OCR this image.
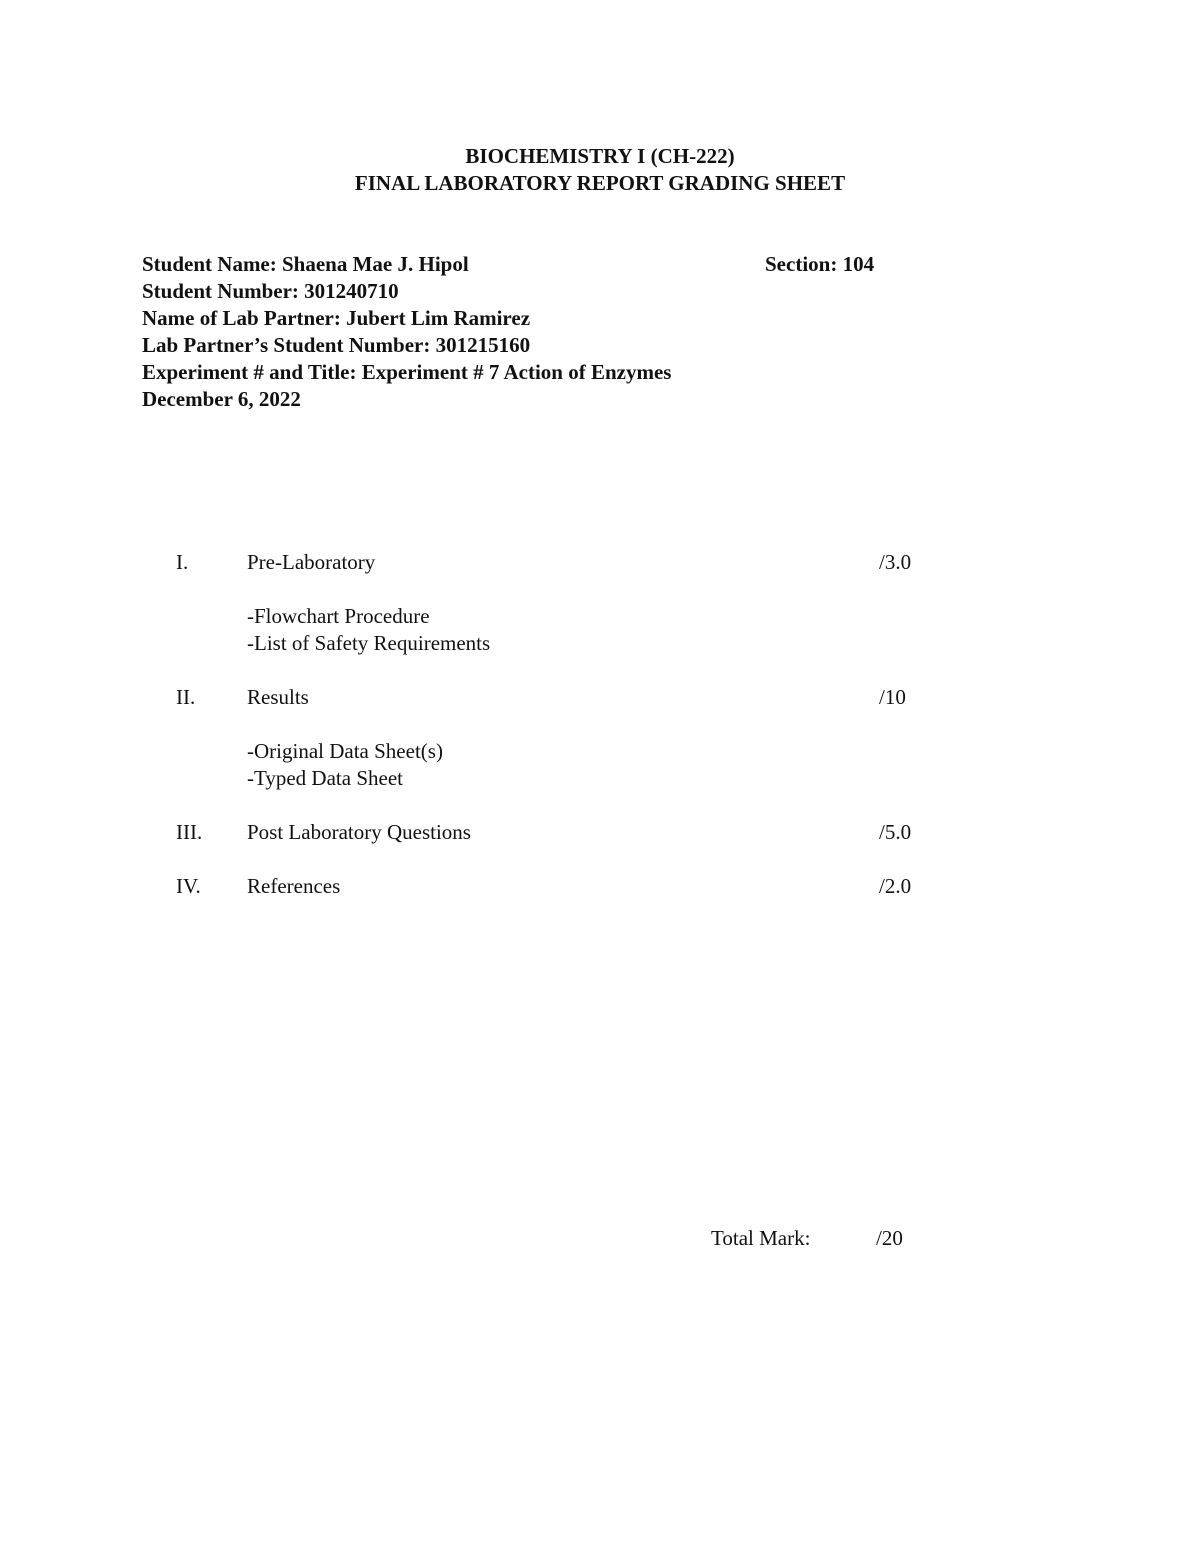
BIOCHEMISTRY I (CH-222)
FINAL LABORATORY REPORT GRADING SHEET
Student Name: Shaena Mae J. Hipol	Section: 104
Student Number: 301240710
Name of Lab Partner: Jubert Lim Ramirez
Lab Partner’s Student Number: 301215160
Experiment # and Title: Experiment # 7 Action of Enzymes
December 6, 2022
I.	Pre-Laboratory	/3.0
-Flowchart Procedure
-List of Safety Requirements
II. Results	/10
-Original Data Sheet(s)
-Typed Data Sheet
III. Post Laboratory Questions	/5.0
IV. References	/2.0
Total Mark:	/20
